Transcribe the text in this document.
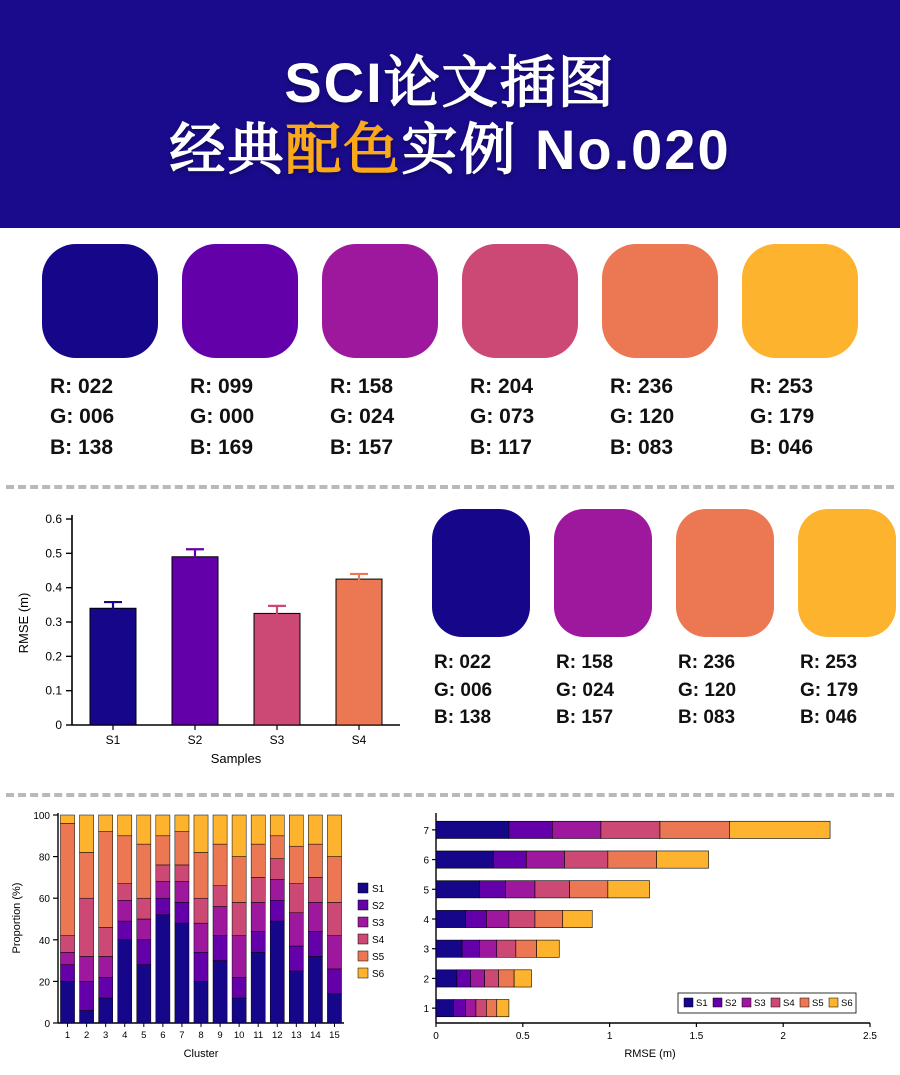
SCI论文插图
经典配色实例 No.020
R: 022
G: 006
B: 138
R: 099
G: 000
B: 169
R: 158
G: 024
B: 157
R: 204
G: 073
B: 117
R: 236
G: 120
B: 083
R: 253
G: 179
B: 046
0
0.1
0.2
0.3
0.4
0.5
0.6
S1	S2	S3	S4
RMSE (m)
Samples
R: 022
G: 006
B: 138
R: 158
G: 024
B: 157
R: 236
G: 120
B: 083
R: 253
G: 179
B: 046
0
20
40
60
80
100
1 2 3 4 5 6 7 8 9 10 11 12 13 14 15
S1
S2
S3
S4
S5
S6
Proportion (%)
Cluster
1
2
3
4
5
6
7
0	0.5	1	1.5	2	2.5
S1 S2 S3 S4 S5 S6
RMSE (m)
